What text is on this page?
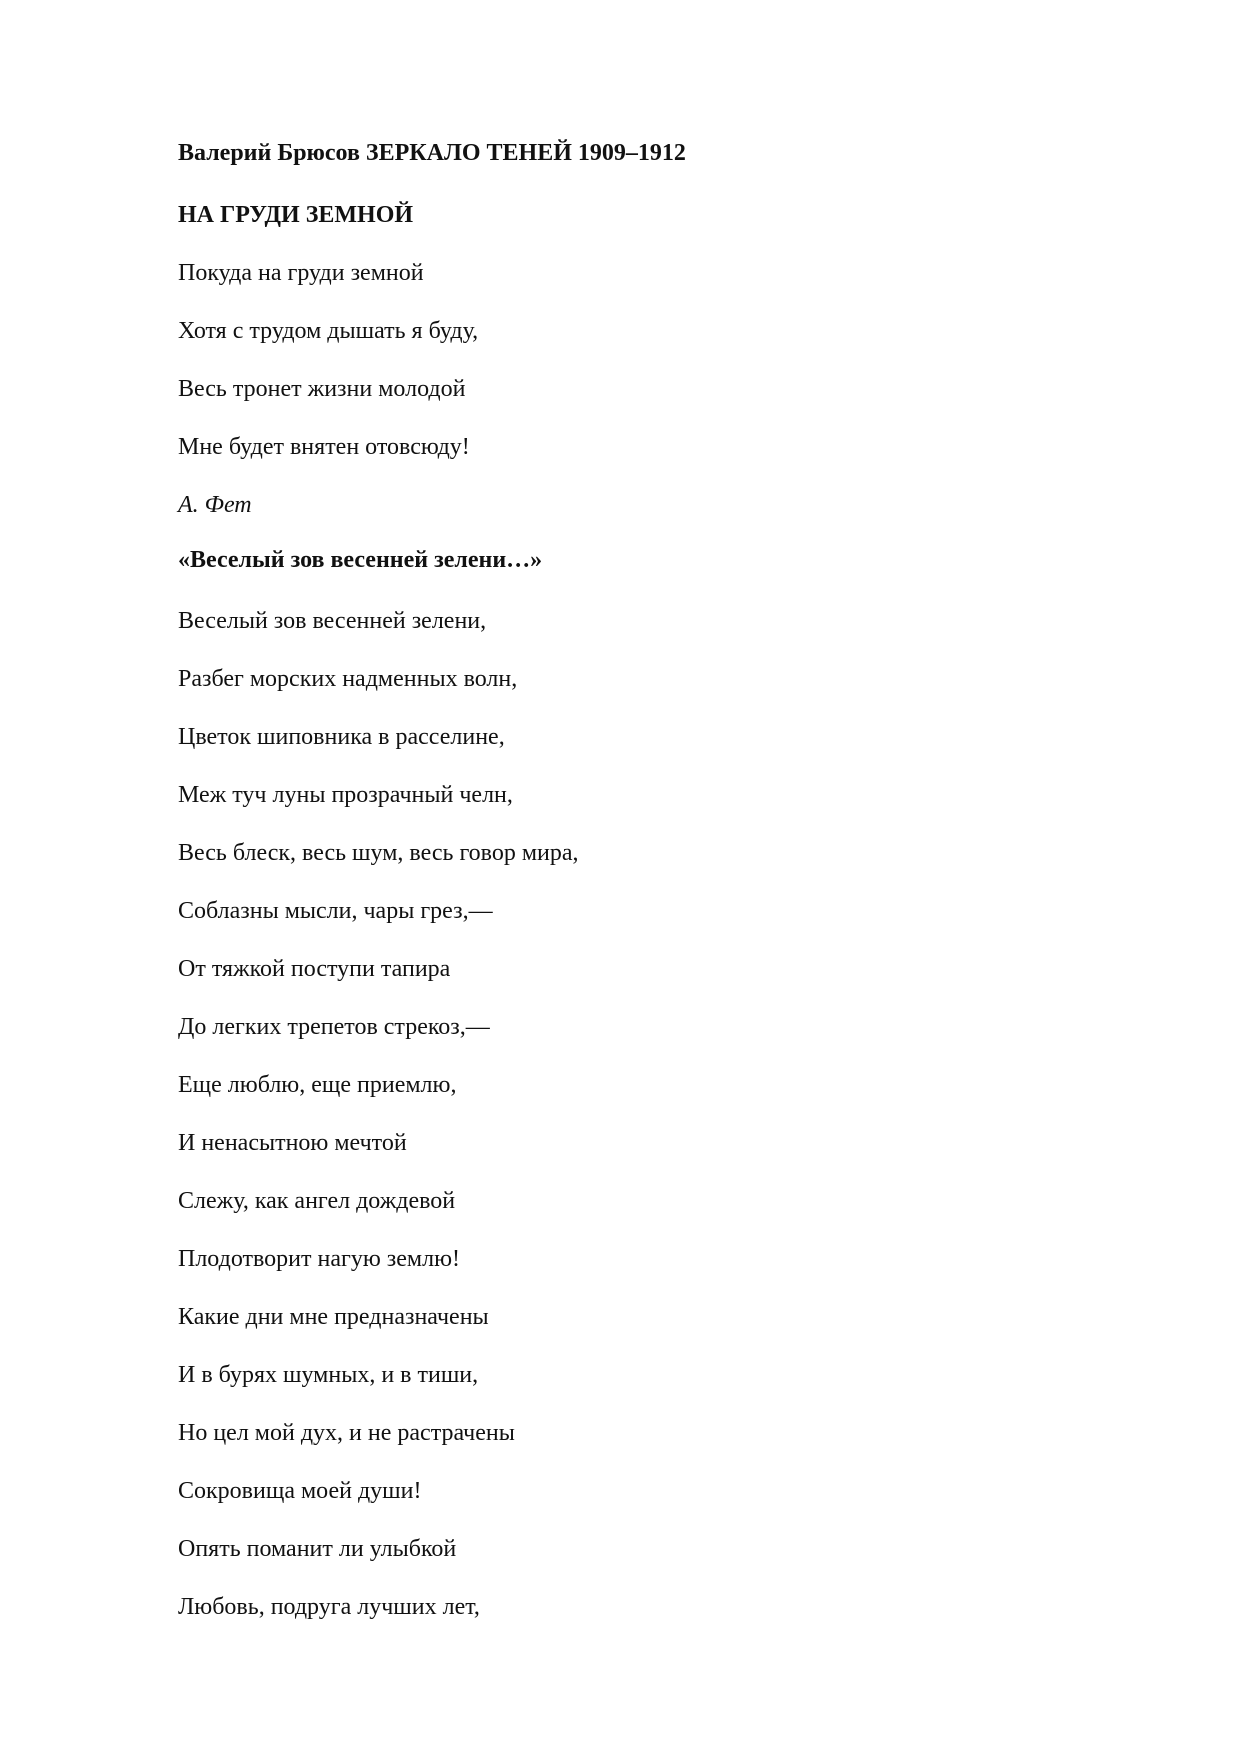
Валерий Брюсов ЗЕРКАЛО ТЕНЕЙ 1909–1912
НА ГРУДИ ЗЕМНОЙ
Покуда на груди земной
Хотя с трудом дышать я буду,
Весь тронет жизни молодой
Мне будет внятен отовсюду!
А. Фет
«Веселый зов весенней зелени…»
Веселый зов весенней зелени,
Разбег морских надменных волн,
Цветок шиповника в расселине,
Меж туч луны прозрачный челн,
Весь блеск, весь шум, весь говор мира,
Соблазны мысли, чары грез,—
От тяжкой поступи тапира
До легких трепетов стрекоз,—
Еще люблю, еще приемлю,
И ненасытною мечтой
Слежу, как ангел дождевой
Плодотворит нагую землю!
Какие дни мне предназначены
И в бурях шумных, и в тиши,
Но цел мой дух, и не растрачены
Сокровища моей души!
Опять поманит ли улыбкой
Любовь, подруга лучших лет,
